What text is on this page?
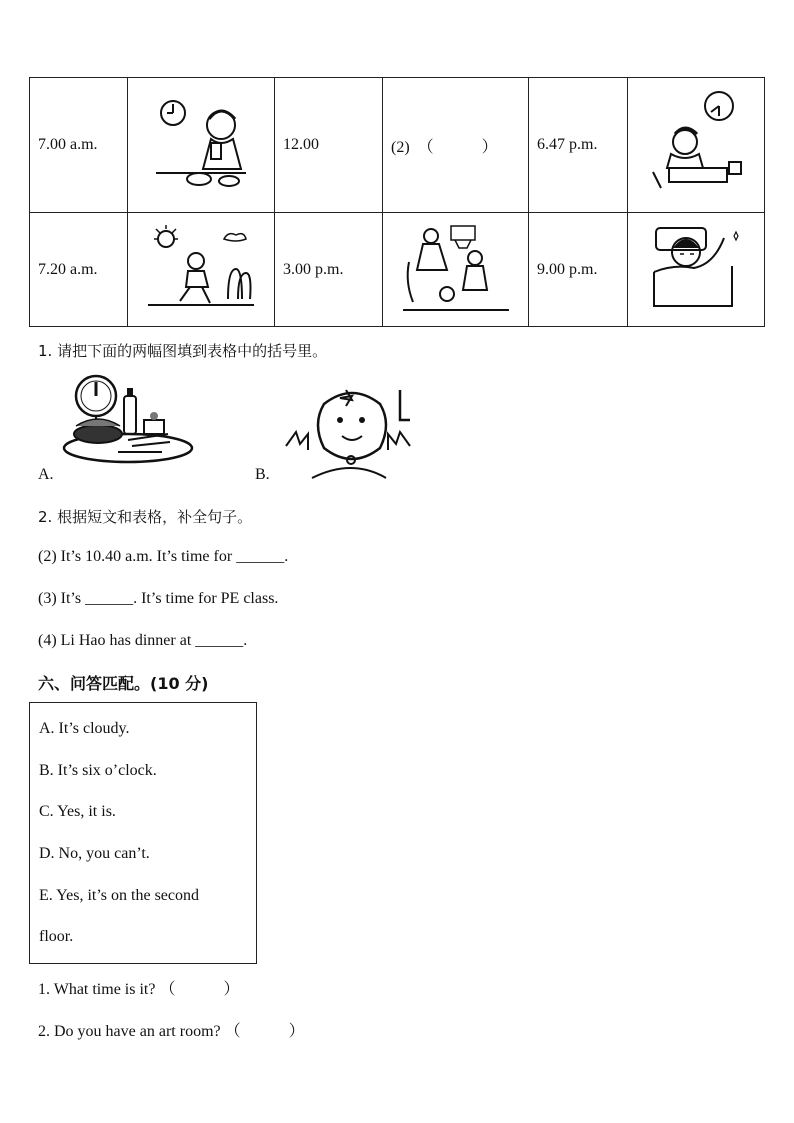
7.00 a.m.		12.00	(2)　（　　　）	6.47 p.m.	

7.20 a.m.		3.00 p.m.		9.00 p.m.	
1. 请把下面的两幅图填到表格中的括号里。
A.	B.
2. 根据短文和表格，补全句子。
(2) It’s 10.40 a.m. It’s time for ______.
(3) It’s ______. It’s time for PE class.
(4) Li Hao has dinner at ______.
六、问答匹配。(10 分)
A. It’s cloudy.
B. It’s six o’clock.
C. Yes, it is.
D. No, you can’t.
E. Yes, it’s on the second
floor.
1. What time is it? （　　　）
2. Do you have an art room? （　　　）
